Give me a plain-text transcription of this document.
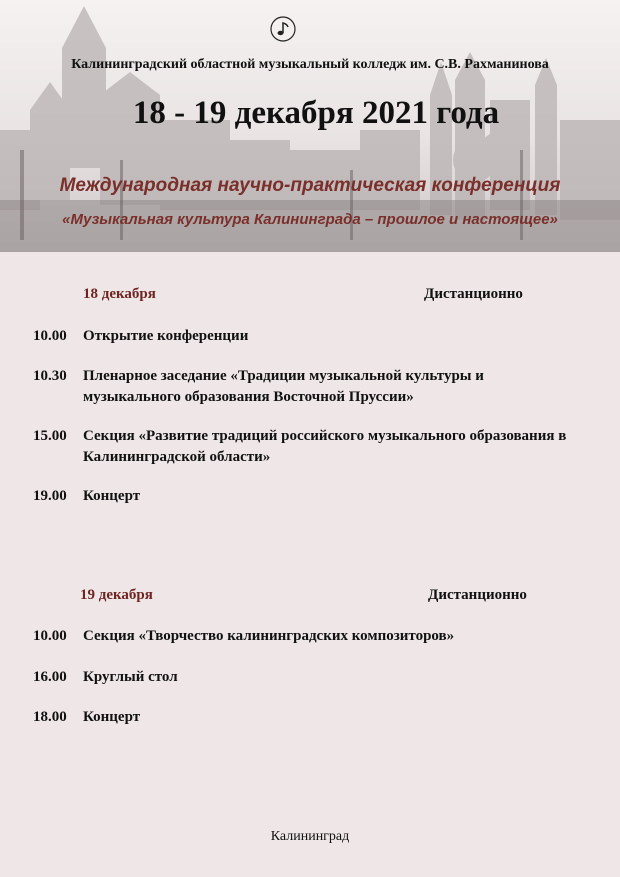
Калининградский областной музыкальный колледж им. С.В. Рахманинова
18 - 19 декабря 2021 года
Международная научно-практическая конференция
«Музыкальная культура Калининграда – прошлое и настоящее»
18 декабря	Дистанционно
10.00	Открытие конференции
10.30	Пленарное заседание «Традиции музыкальной культуры и музыкального образования Восточной Пруссии»
15.00	Секция «Развитие традиций российского музыкального образования в Калининградской области»
19.00	Концерт
19 декабря	Дистанционно
10.00	Секция «Творчество калининградских композиторов»
16.00	Круглый стол
18.00	Концерт
Калининград
